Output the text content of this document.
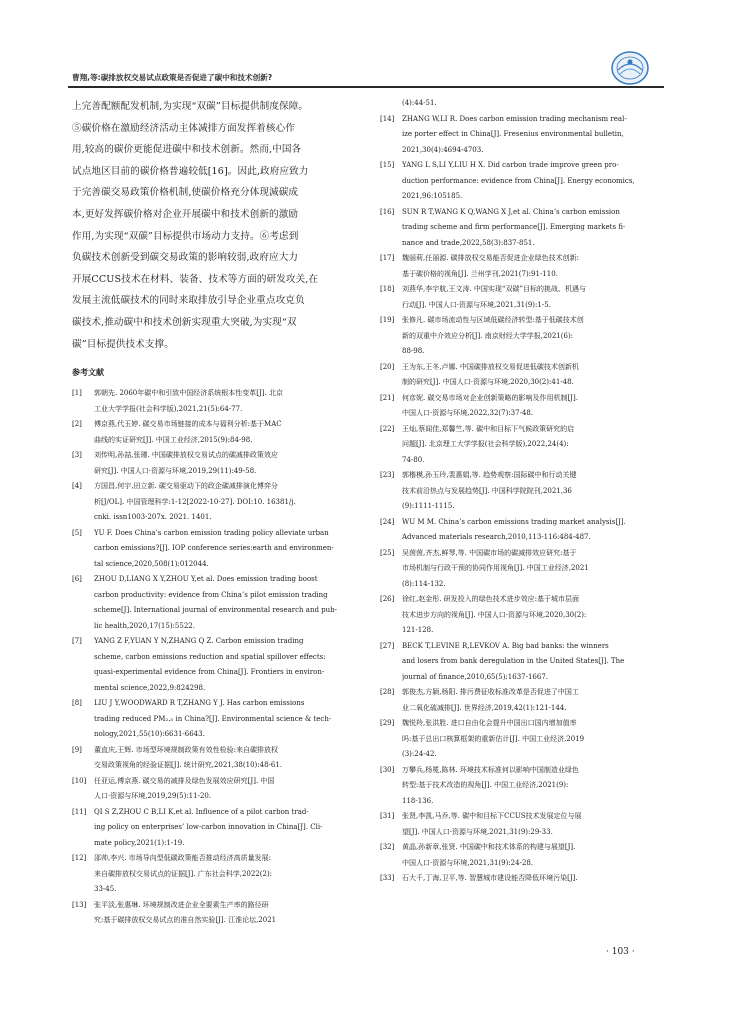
曹翔,等:碳排放权交易试点政策是否促进了碳中和技术创新?

上完善配额配发机制,为实现“双碳”目标提供制度保障。
⑤碳价格在激励经济活动主体减排方面发挥着核心作
用,较高的碳价更能促进碳中和技术创新。然而,中国各
试点地区目前的碳价格普遍较低[16]。因此,政府应致力
于完善碳交易政策价格机制,使碳价格充分体现減碳成
本,更好发挥碳价格对企业开展碳中和技术创新的激励
作用,为实现“双碳”目标提供市场动力支持。⑥考虑到
负碳技术创新受到碳交易政策的影响较弱,政府应大力
开展CCUS技术在材料、装备、技术等方面的研发攻关,在
发展主流低碳技术的同时来取排放引导企业重点攻克负
碳技术,推动碳中和技术创新实现重大突破,为实现“双
碳”目标提供技术支撑。

参考文献

[1] 郭朝先. 2060年碳中和引致中国经济系统根本性变革[J]. 北京
工业大学学报(社会科学版),2021,21(5):64-77.

[2] 傅京燕,代玉婷. 碳交易市场链接的成本与福利分析:基于MAC
曲线的实证研究[J]. 中国工业经济,2015(9):84-98.

[3] 刘传明,孙喆,张瑾. 中国碳排放权交易试点的碳减排政策效应
研究[J]. 中国人口·资源与环境,2019,29(11):49-58.

[4] 方国昌,何宇,田立新. 碳交易驱动下的政企碳减排演化博弈分
析[J/OL]. 中国管理科学:1-12[2022-10-27]. DOI:10. 16381/j.
cnki. issn1003-207x. 2021. 1401.

[5] YU F. Does China’s carbon emission trading policy alleviate urban
carbon emissions?[J]. IOP conference series:earth and environmen-
tal science,2020,508(1):012044.

[6] ZHOU D,LIANG X Y,ZHOU Y,et al. Does emission trading boost
carbon productivity: evidence from China’s pilot emission trading
scheme[J]. International journal of environmental research and pub-
lic health,2020,17(15):5522.

[7] YANG Z F,YUAN Y N,ZHANG Q Z. Carbon emission trading
scheme, carbon emissions reduction and spatial spillover effects:
quasi-experimental evidence from China[J]. Frontiers in environ-
mental science,2022,9:824298.

[8] LIU J Y,WOODWARD R T,ZHANG Y J. Has carbon emissions
trading reduced PM₂.₅ in China?[J]. Environmental science & tech-
nology,2021,55(10):6631-6643.

[9] 董直庆,王辉. 市场型环境规制政策有效性检验:来自碳排放权
交易政策视角的经验证据[J]. 统计研究,2021,38(10):48-61.

[10] 任亚运,傅京燕. 碳交易的减排及绿色发展效应研究[J]. 中国
人口·资源与环境,2019,29(5):11-20.

[11] QI S Z,ZHOU C B,LI K,et al. Influence of a pilot carbon trad-
ing policy on enterprises’ low-carbon innovation in China[J]. Cli-
mate policy,2021(1):1-19.

[12] 邵帅,李兴. 市场导向型低碳政策能否推动经济高质量发展:
来自碳排放权交易试点的证据[J]. 广东社会科学,2022(2):
33-45.

[13] 张平淡,张惠琳. 环境规制改进企业全要素生产率的路径研
究:基于碳排放权交易试点的准自然实验[J]. 江淮论坛,2021

(4):44-51.

[14] ZHANG W,LI R. Does carbon emission trading mechanism real-
ize porter effect in China[J]. Fresenius environmental bulletin,
2021,30(4):4694-4703.

[15] YANG L S,LI Y,LIU H X. Did carbon trade improve green pro-
duction performance: evidence from China[J]. Energy economics,
2021,96:105185.

[16] SUN R T,WANG K Q,WANG X J,et al. China’s carbon emission
trading scheme and firm performance[J]. Emerging markets fi-
nance and trade,2022,58(3):837-851.

[17] 魏丽莉,任丽源. 碳排放权交易能否促进企业绿色技术创新:
基于碳价格的视角[J]. 兰州学刊,2021(7):91-110.

[18] 刘燕华,李宇航,王文涛. 中国实现“双碳”目标的挑战、机遇与
行动[J]. 中国人口·资源与环境,2021,31(9):1-5.

[19] 张修凡. 碳市场流动性与区域低碳经济转型:基于低碳技术创
新的双重中介效应分析[J]. 南京财经大学学报,2021(6):
88-98.

[20] 王为东,王冬,卢娜. 中国碳排放权交易促进低碳技术创新机
制的研究[J]. 中国人口·资源与环境,2020,30(2):41-48.

[21] 何彦妮. 碳交易市场对企业创新策略的影响及作用机制[J].
中国人口·资源与环境,2022,32(7):37-48.

[22] 王灿,蔡闻佳,郑馨竺,等. 碳中和目标下气候政策研究的启
问题[J]. 北京理工大学学报(社会科学版),2022,24(4):
74-80.

[23] 郭楷模,孙玉玲,裴惠娟,等. 趋势观察:国际碳中和行动关键
技术前沿热点与发展趋势[J]. 中国科学院院刊,2021,36
(9):1111-1115.

[24] WU M M. China’s carbon emissions trading market analysis[J].
Advanced materials research,2010,113-116:484-487.

[25] 吴茵茵,齐杰,鲜琴,等. 中国碳市场的碳减排效应研究:基于
市场机制与行政干预的协同作用视角[J]. 中国工业经济,2021
(8):114-132.

[26] 徐红,赵金彤. 研发投入的绿色技术进步效应:基于城市层面
技术进步方向的视角[J]. 中国人口·资源与环境,2020,30(2):
121-128.

[27] BECK T,LEVINE R,LEVKOV A. Big bad banks: the winners
and losers from bank deregulation in the United States[J]. The
journal of finance,2010,65(5):1637-1667.

[28] 郭俊杰,方颖,杨阳. 排污费征收标准改革是否促进了中国工
业二氧化硫减排[J]. 世界经济,2019,42(1):121-144.

[29] 魏悦羚,张洪胜. 进口自由化会提升中国出口国内增加值率
吗:基于总出口核算框架的重新估计[J]. 中国工业经济,2019
(3):24-42.

[30] 万攀兵,杨冕,陈林. 环境技术标准何以影响中国制造业绿色
转型:基于技术改造的视角[J]. 中国工业经济,2021(9):
118-136.

[31] 张贤,李凯,马乔,等. 碳中和目标下CCUS技术发展定位与展
望[J]. 中国人口·资源与环境,2021,31(9):29-33.

[32] 黄晶,孙新章,张贤. 中国碳中和技术体系的构建与展望[J].
中国人口·资源与环境,2021,31(9):24-28.

[33] 石大千,丁海,卫平,等. 智慧城市建设能否降低环境污染[J].

· 103 ·
